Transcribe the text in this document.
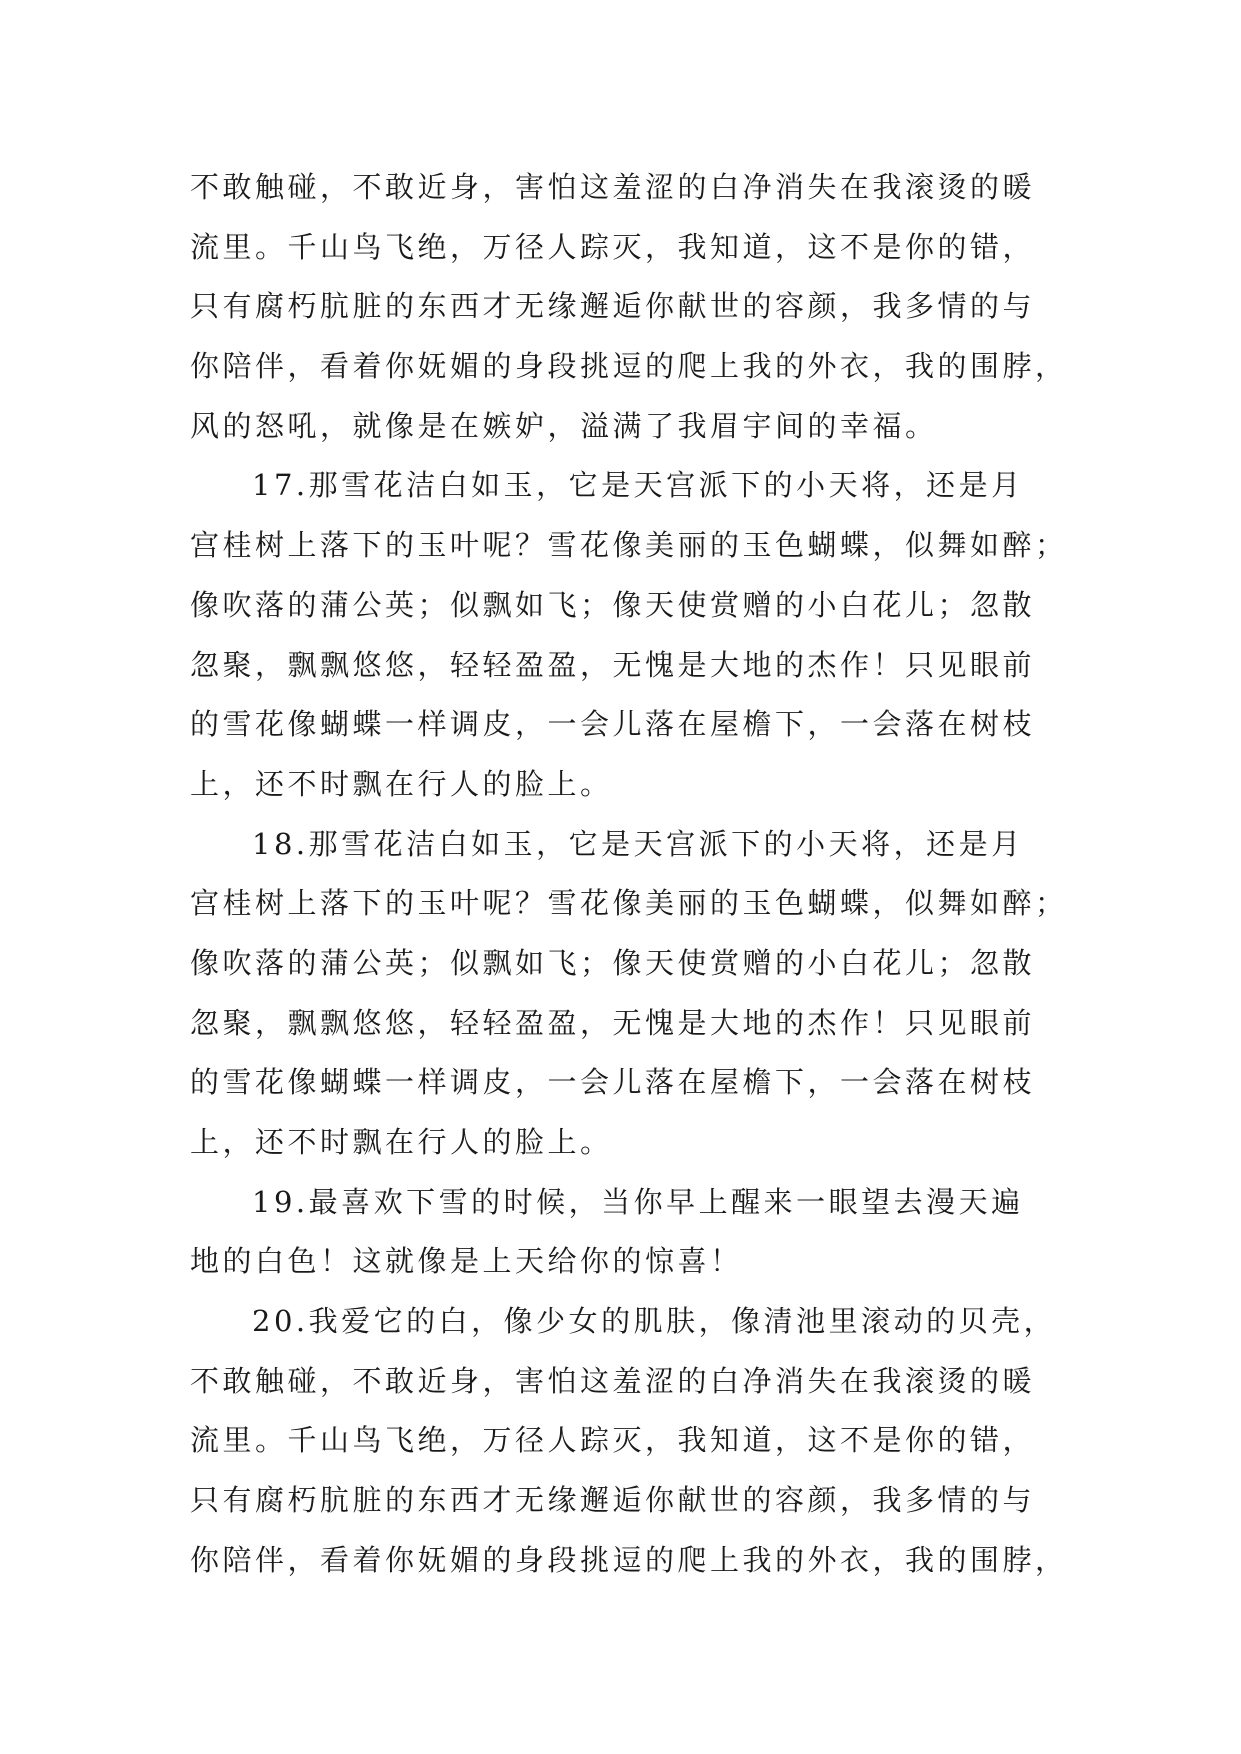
不敢触碰，不敢近身，害怕这羞涩的白净消失在我滚烫的暖
流里。千山鸟飞绝，万径人踪灭，我知道，这不是你的错，
只有腐朽肮脏的东西才无缘邂逅你献世的容颜，我多情的与
你陪伴，看着你妩媚的身段挑逗的爬上我的外衣，我的围脖，
风的怒吼，就像是在嫉妒，溢满了我眉宇间的幸福。
17.那雪花洁白如玉，它是天宫派下的小天将，还是月
宫桂树上落下的玉叶呢？雪花像美丽的玉色蝴蝶，似舞如醉；
像吹落的蒲公英；似飘如飞；像天使赏赠的小白花儿；忽散
忽聚，飘飘悠悠，轻轻盈盈，无愧是大地的杰作！只见眼前
的雪花像蝴蝶一样调皮，一会儿落在屋檐下，一会落在树枝
上，还不时飘在行人的脸上。
18.那雪花洁白如玉，它是天宫派下的小天将，还是月
宫桂树上落下的玉叶呢？雪花像美丽的玉色蝴蝶，似舞如醉；
像吹落的蒲公英；似飘如飞；像天使赏赠的小白花儿；忽散
忽聚，飘飘悠悠，轻轻盈盈，无愧是大地的杰作！只见眼前
的雪花像蝴蝶一样调皮，一会儿落在屋檐下，一会落在树枝
上，还不时飘在行人的脸上。
19.最喜欢下雪的时候，当你早上醒来一眼望去漫天遍
地的白色！这就像是上天给你的惊喜！
20.我爱它的白，像少女的肌肤，像清池里滚动的贝壳，
不敢触碰，不敢近身，害怕这羞涩的白净消失在我滚烫的暖
流里。千山鸟飞绝，万径人踪灭，我知道，这不是你的错，
只有腐朽肮脏的东西才无缘邂逅你献世的容颜，我多情的与
你陪伴，看着你妩媚的身段挑逗的爬上我的外衣，我的围脖，
